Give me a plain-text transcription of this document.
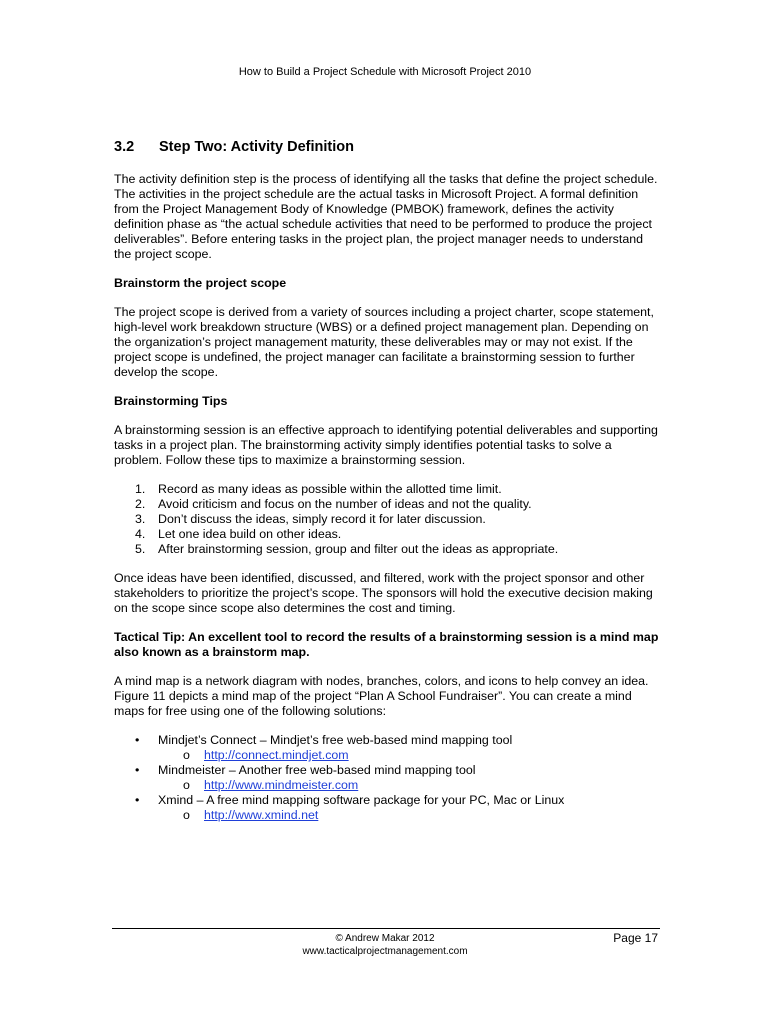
How to Build a Project Schedule with Microsoft Project 2010
3.2	Step Two: Activity Definition

The activity definition step is the process of identifying all the tasks that define the project schedule. The activities in the project schedule are the actual tasks in Microsoft Project. A formal definition from the Project Management Body of Knowledge (PMBOK) framework, defines the activity definition phase as “the actual schedule activities that need to be performed to produce the project deliverables”. Before entering tasks in the project plan, the project manager needs to understand the project scope.

Brainstorm the project scope

The project scope is derived from a variety of sources including a project charter, scope statement, high-level work breakdown structure (WBS) or a defined project management plan. Depending on the organization’s project management maturity, these deliverables may or may not exist. If the project scope is undefined, the project manager can facilitate a brainstorming session to further develop the scope.

Brainstorming Tips

A brainstorming session is an effective approach to identifying potential deliverables and supporting tasks in a project plan. The brainstorming activity simply identifies potential tasks to solve a problem. Follow these tips to maximize a brainstorming session.

1.	Record as many ideas as possible within the allotted time limit.
2.	Avoid criticism and focus on the number of ideas and not the quality.
3.	Don’t discuss the ideas, simply record it for later discussion.
4.	Let one idea build on other ideas.
5.	After brainstorming session, group and filter out the ideas as appropriate.

Once ideas have been identified, discussed, and filtered, work with the project sponsor and other stakeholders to prioritize the project’s scope. The sponsors will hold the executive decision making on the scope since scope also determines the cost and timing.

Tactical Tip: An excellent tool to record the results of a brainstorming session is a mind map also known as a brainstorm map.

A mind map is a network diagram with nodes, branches, colors, and icons to help convey an idea. Figure 11 depicts a mind map of the project “Plan A School Fundraiser”. You can create a mind maps for free using one of the following solutions:

•	Mindjet’s Connect – Mindjet’s free web-based mind mapping tool
o	http://connect.mindjet.com
•	Mindmeister – Another free web-based mind mapping tool
o	http://www.mindmeister.com
•	Xmind – A free mind mapping software package for your PC, Mac or Linux
o	http://www.xmind.net
© Andrew Makar 2012
www.tacticalprojectmanagement.com
Page 17
